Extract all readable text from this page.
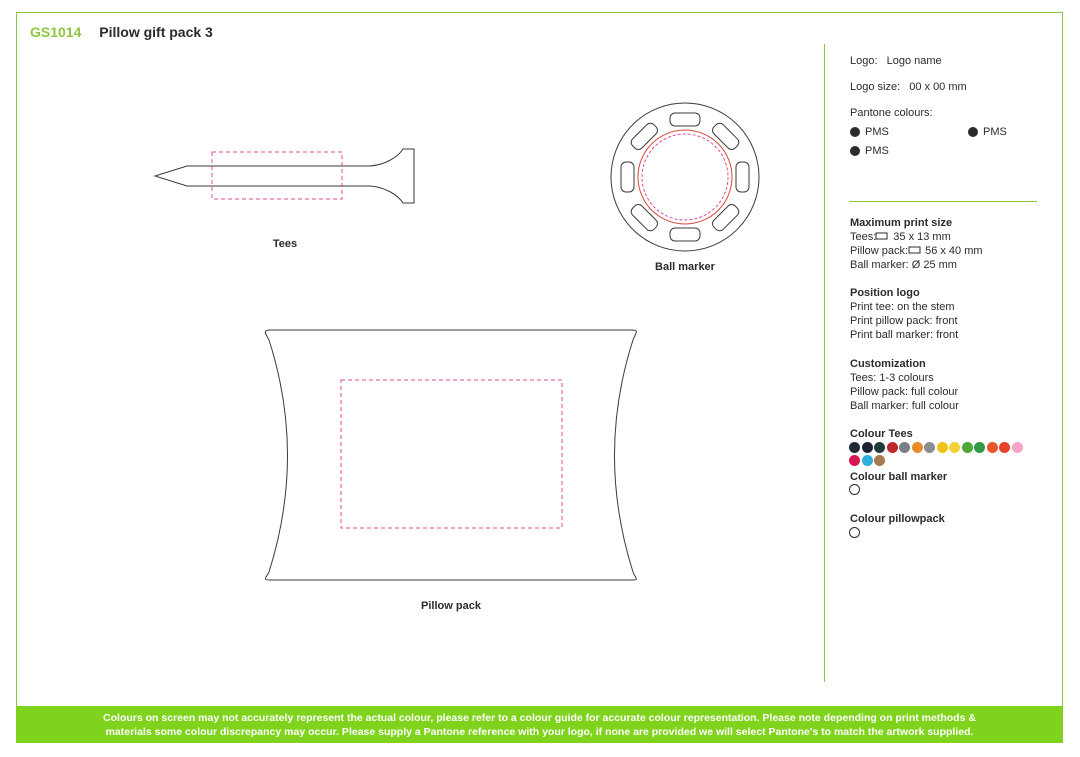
GS1014 Pillow gift pack 3
Tees
Ball marker
Pillow pack
Logo: Logo name
Logo size: 00 x 00 mm
Pantone colours:
PMS	PMS
PMS
Maximum print size
Tees: 35 x 13 mm
Pillow pack: 56 x 40 mm
Ball marker: Ø 25 mm
Position logo
Print tee: on the stem
Print pillow pack: front
Print ball marker: front
Customization
Tees: 1-3 colours
Pillow pack: full colour
Ball marker: full colour
Colour Tees
Colour ball marker
Colour pillowpack
Colours on screen may not accurately represent the actual colour, please refer to a colour guide for accurate colour representation. Please note depending on print methods &
materials some colour discrepancy may occur. Please supply a Pantone reference with your logo, if none are provided we will select Pantone's to match the artwork supplied.
